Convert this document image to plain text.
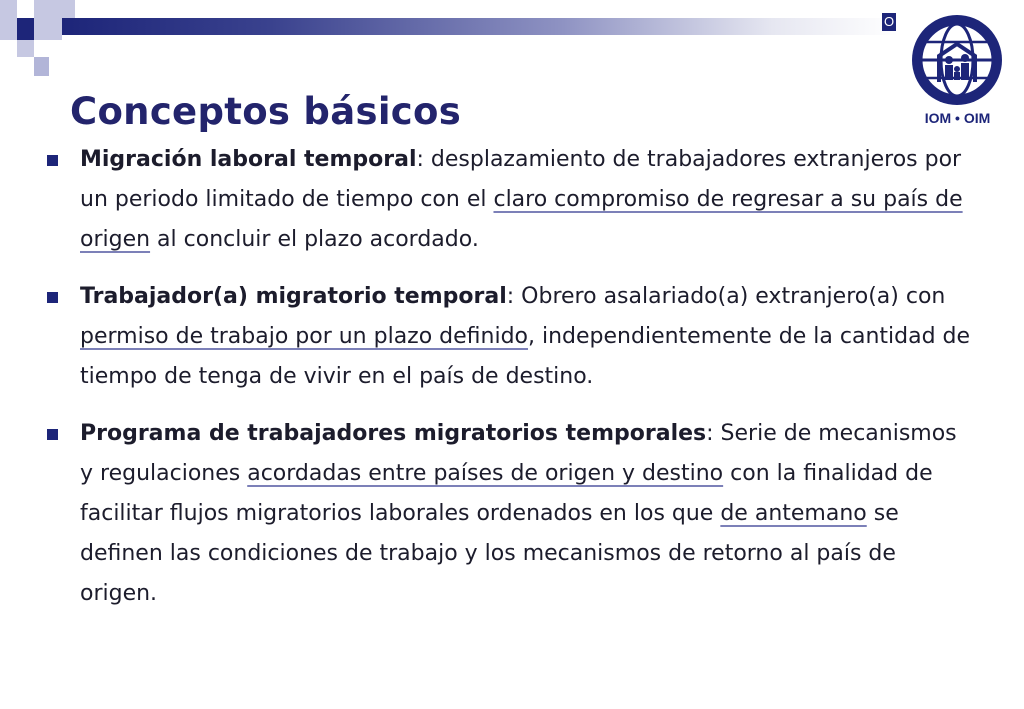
O
IOM • OIM
Conceptos básicos

Migración laboral temporal: desplazamiento de trabajadores extranjeros por un periodo limitado de tiempo con el claro compromiso de regresar a su país de origen al concluir el plazo acordado.

Trabajador(a) migratorio temporal: Obrero asalariado(a) extranjero(a) con permiso de trabajo por un plazo definido, independientemente de la cantidad de tiempo de tenga de vivir en el país de destino.

Programa de trabajadores migratorios temporales: Serie de mecanismos y regulaciones acordadas entre países de origen y destino con la finalidad de facilitar flujos migratorios laborales ordenados en los que de antemano se definen las condiciones de trabajo y los mecanismos de retorno al país de origen.
